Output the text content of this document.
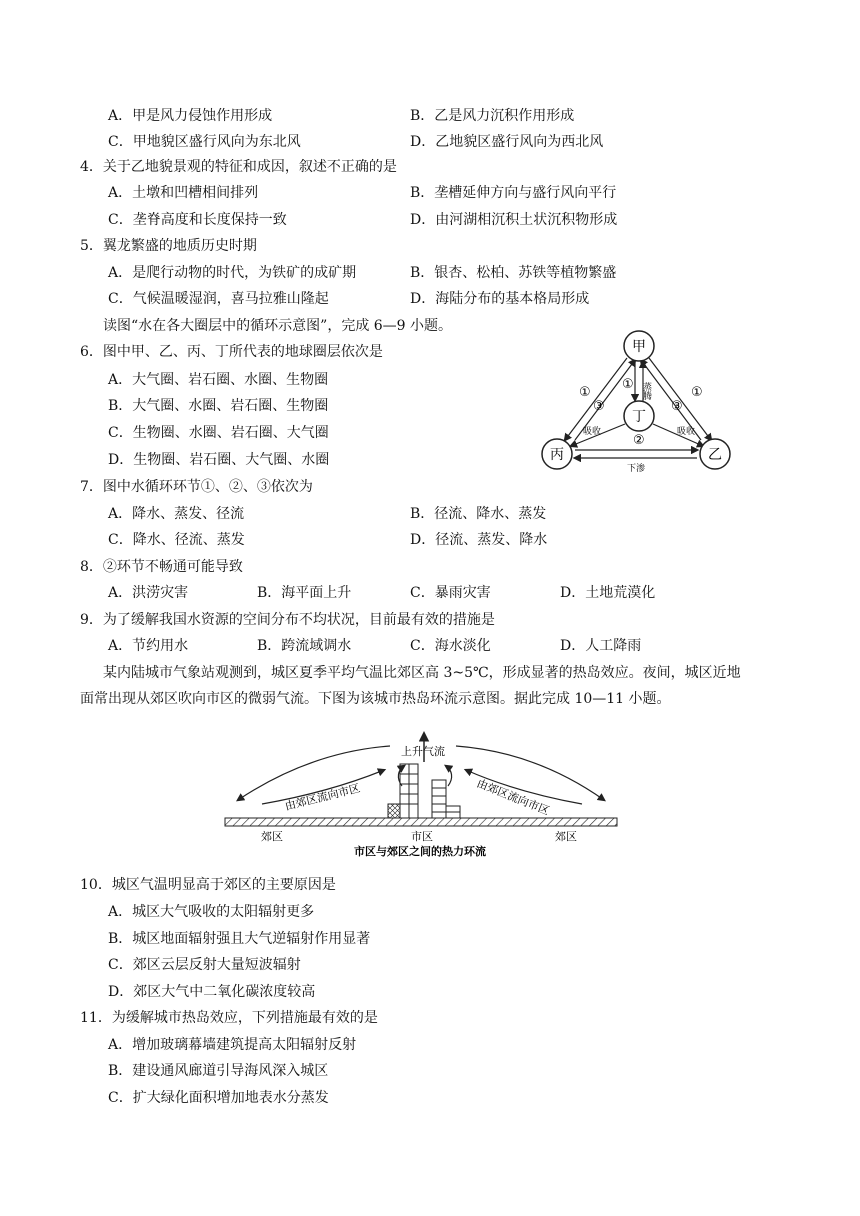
A．甲是风力侵蚀作用形成	B．乙是风力沉积作用形成
C．甲地貌区盛行风向为东北风	D．乙地貌区盛行风向为西北风
4．关于乙地貌景观的特征和成因，叙述不正确的是
A．土墩和凹槽相间排列	B．垄槽延伸方向与盛行风向平行
C．垄脊高度和长度保持一致	D．由河湖相沉积土状沉积物形成
5．翼龙繁盛的地质历史时期
A．是爬行动物的时代，为铁矿的成矿期	B．银杏、松柏、苏铁等植物繁盛
C．气候温暖湿润，喜马拉雅山隆起	D．海陆分布的基本格局形成
读图“水在各大圈层中的循环示意图”，完成 6—9 小题。
6．图中甲、乙、丙、丁所代表的地球圈层依次是
A．大气圈、岩石圈、水圈、生物圈
B．大气圈、水圈、岩石圈、生物圈
C．生物圈、水圈、岩石圈、大气圈
D．生物圈、岩石圈、大气圈、水圈
甲
丁
丙	乙
①
③
①
①
③
②
蒸腾
吸收	吸收
下渗
7．图中水循环环节①、②、③依次为
A．降水、蒸发、径流	B．径流、降水、蒸发
C．降水、径流、蒸发	D．径流、蒸发、降水
8．②环节不畅通可能导致
A．洪涝灾害	B．海平面上升	C．暴雨灾害	D．土地荒漠化
9．为了缓解我国水资源的空间分布不均状况，目前最有效的措施是
A．节约用水	B．跨流域调水	C．海水淡化	D．人工降雨
某内陆城市气象站观测到，城区夏季平均气温比郊区高 3~5℃，形成显著的热岛效应。夜间，城区近地
面常出现从郊区吹向市区的微弱气流。下图为该城市热岛环流示意图。据此完成 10—11 小题。
上升气流
由郊区流向市区	由郊区流向市区
郊区	市区	郊区
市区与郊区之间的热力环流
10．城区气温明显高于郊区的主要原因是
A．城区大气吸收的太阳辐射更多
B．城区地面辐射强且大气逆辐射作用显著
C．郊区云层反射大量短波辐射
D．郊区大气中二氧化碳浓度较高
11．为缓解城市热岛效应，下列措施最有效的是
A．增加玻璃幕墙建筑提高太阳辐射反射
B．建设通风廊道引导海风深入城区
C．扩大绿化面积增加地表水分蒸发
